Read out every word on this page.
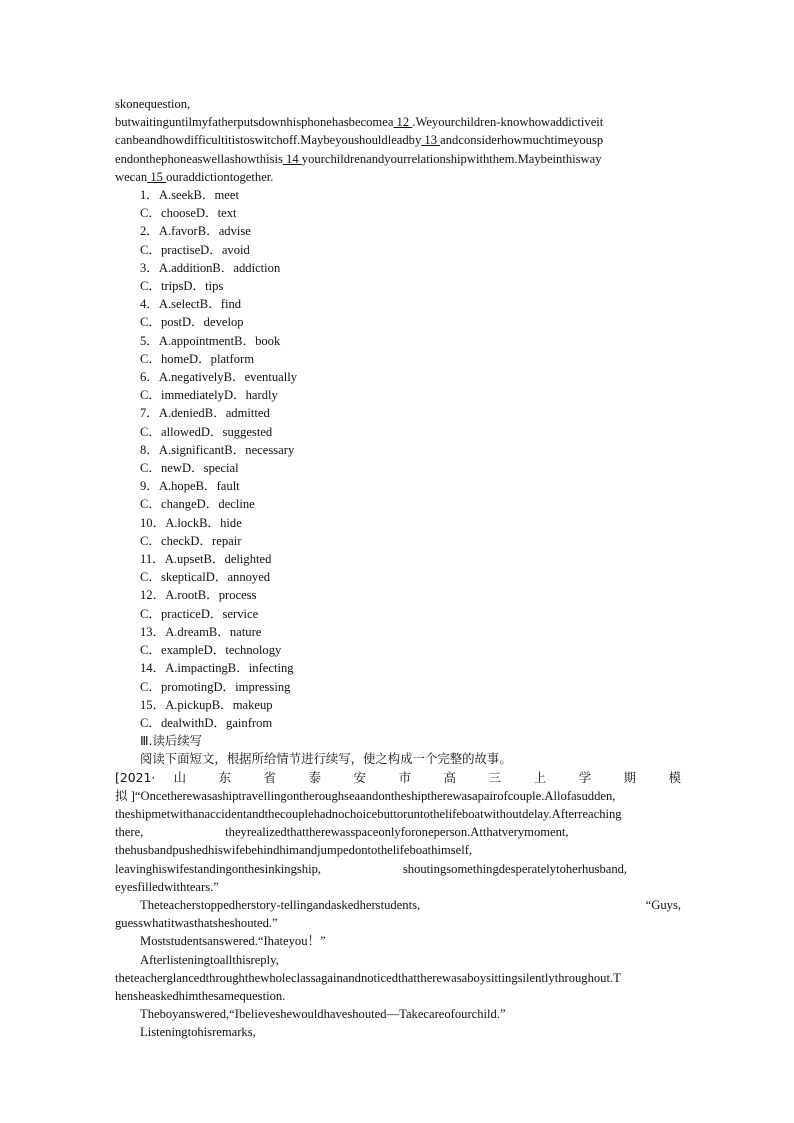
skonequestion,
butwaitinguntilmyfatherputsdownhisphonehasbecomea 12 .Weyourchildren-knowhowaddictiveit
canbeandhowdifficultitistoswitchoff.Maybeyoushouldleadby 13 andconsiderhowmuchtimeyousp
endonthephoneaswellashowthisis 14 yourchildrenandyourrelationshipwiththem.Maybeinthisway
wecan 15 ouraddictiontogether.
1．A.seekB．meet
C．chooseD．text
2．A.favorB．advise
C．practiseD．avoid
3．A.additionB．addiction
C．tripsD．tips
4．A.selectB．find
C．postD．develop
5．A.appointmentB．book
C．homeD．platform
6．A.negativelyB．eventually
C．immediatelyD．hardly
7．A.deniedB．admitted
C．allowedD．suggested
8．A.significantB．necessary
C．newD．special
9．A.hopeB．fault
C．changeD．decline
10．A.lockB．hide
C．checkD．repair
11．A.upsetB．delighted
C．skepticalD．annoyed
12．A.rootB．process
C．practiceD．service
13．A.dreamB．nature
C．exampleD．technology
14．A.impactingB．infecting
C．promotingD．impressing
15．A.pickupB．makeup
C．dealwithD．gainfrom
Ⅲ.读后续写
阅读下面短文，根据所给情节进行续写，使之构成一个完整的故事。
[2021· 山 东 省 泰 安 市 高 三 上 学 期 模
拟 ]“Oncetherewasashiptravellingontheroughseaandontheshiptherewasapairofcouple.Allofasudden,
theshipmetwithanaccidentandthecouplehadnochoicebuttoruntothelifeboatwithoutdelay.Afterreaching
there,                          theyrealizedthattherewasspaceonlyforoneperson.Atthatverymoment,
thehusbandpushedhiswifebehindhimandjumpedontothelifeboathimself,
leavinghiswifestandingonthesinkingship,                          shoutingsomethingdesperatelytoherhusband,
eyesfilledwithtears.”
Theteacherstoppedherstory-tellingandaskedherstudents,	“Guys,
guesswhatitwasthatsheshouted.”
Moststudentsanswered.“Ihateyou！”
Afterlisteningtoallthisreply,
theteacherglancedthroughthewholeclassagainandnoticedthattherewasaboysittingsilentlythroughout.T
hensheaskedhimthesamequestion.
Theboyanswered,“Ibelieveshewouldhaveshouted—Takecareofourchild.”
Listeningtohisremarks,
